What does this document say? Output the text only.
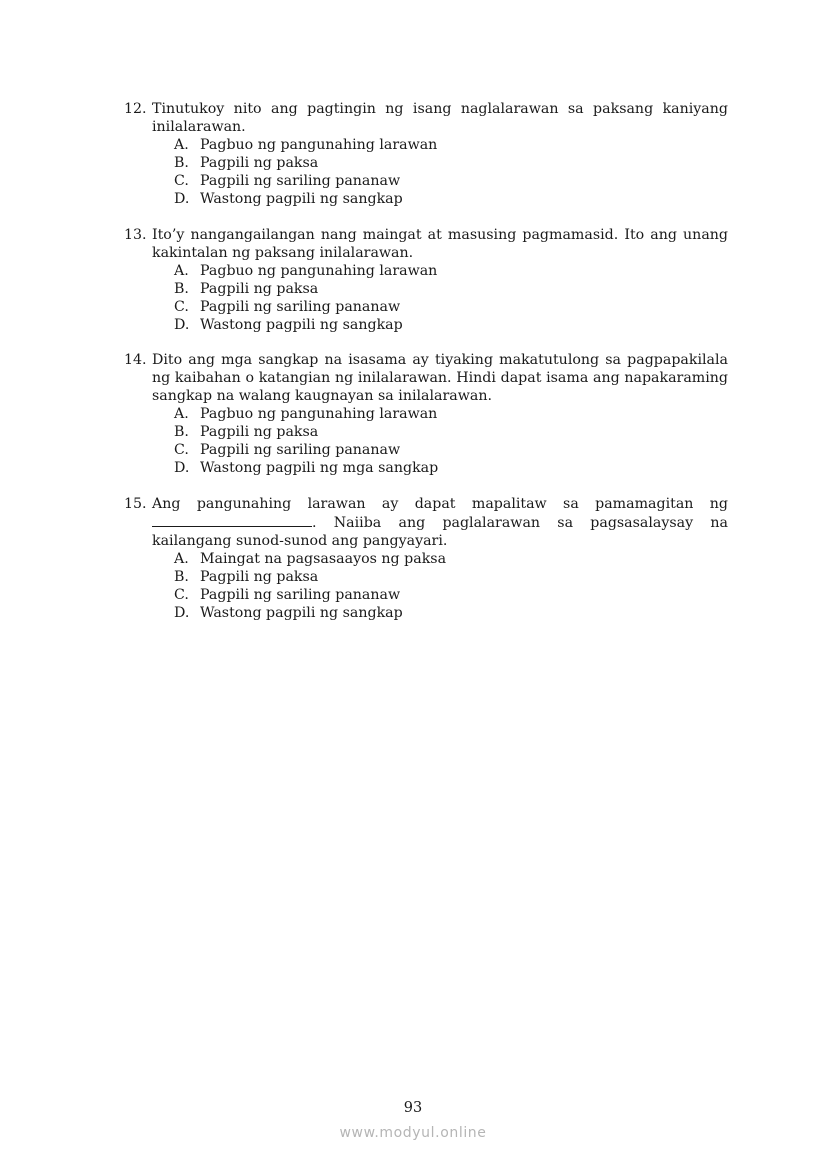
12. Tinutukoy nito ang pagtingin ng isang naglalarawan sa paksang kaniyang inilalarawan.

A. Pagbuo ng pangunahing larawan
B. Pagpili ng paksa
C. Pagpili ng sariling pananaw
D. Wastong pagpili ng sangkap

13. Ito’y nangangailangan nang maingat at masusing pagmamasid. Ito ang unang kakintalan ng paksang inilalarawan.

A. Pagbuo ng pangunahing larawan
B. Pagpili ng paksa
C. Pagpili ng sariling pananaw
D. Wastong pagpili ng sangkap

14. Dito ang mga sangkap na isasama ay tiyaking makatutulong sa pagpapakilala ng kaibahan o katangian ng inilalarawan. Hindi dapat isama ang napakaraming sangkap na walang kaugnayan sa inilalarawan.

A. Pagbuo ng pangunahing larawan
B. Pagpili ng paksa
C. Pagpili ng sariling pananaw
D. Wastong pagpili ng mga sangkap

15. Ang pangunahing larawan ay dapat mapalitaw sa pamamagitan ng . Naiiba ang paglalarawan sa pagsasalaysay na kailangang sunod-sunod ang pangyayari.

A. Maingat na pagsasaayos ng paksa
B. Pagpili ng paksa
C. Pagpili ng sariling pananaw
D. Wastong pagpili ng sangkap
93
www.modyul.online
